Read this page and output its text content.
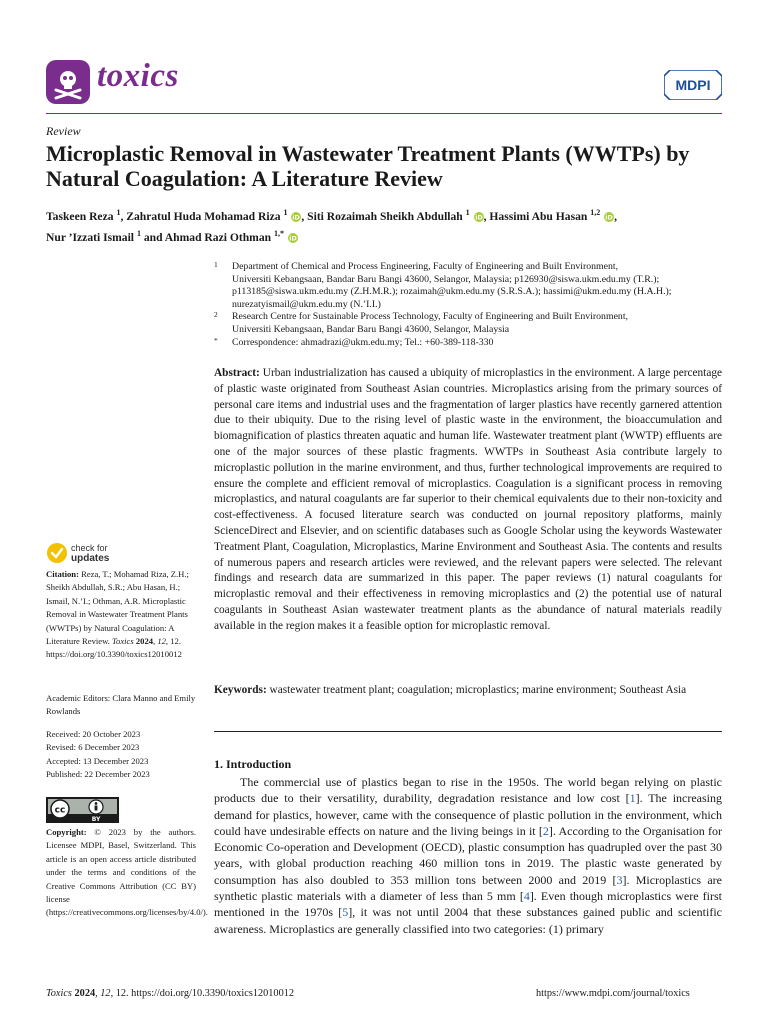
toxics	MDPI
Review
Microplastic Removal in Wastewater Treatment Plants (WWTPs) by Natural Coagulation: A Literature Review
Taskeen Reza $^1$, Zahratul Huda Mohamad Riza $^1$
iD , Siti Rozaimah Sheikh Abdullah $^1$
iD , Hassimi Abu Hasan $^{1,2}$
iD ,
Nur ’Izzati Ismail $^1$ and Ahmad Razi Othman $^{1,*}$
iD
1	Department of Chemical and Process Engineering, Faculty of Engineering and Built Environment,
Universiti Kebangsaan, Bandar Baru Bangi 43600, Selangor, Malaysia; p126930@siswa.ukm.edu.my (T.R.);
p113185@siswa.ukm.edu.my (Z.H.M.R.); rozaimah@ukm.edu.my (S.R.S.A.); hassimi@ukm.edu.my (H.A.H.);
nurezatyismail@ukm.edu.my (N.’I.I.)
2	Research Centre for Sustainable Process Technology, Faculty of Engineering and Built Environment,
Universiti Kebangsaan, Bandar Baru Bangi 43600, Selangor, Malaysia
*	Correspondence: ahmadrazi@ukm.edu.my; Tel.: +60-389-118-330
Abstract: Urban industrialization has caused a ubiquity of microplastics in the environment. A large percentage of plastic waste originated from Southeast Asian countries. Microplastics arising from the primary sources of personal care items and industrial uses and the fragmentation of larger plastics have recently garnered attention due to their ubiquity. Due to the rising level of plastic waste in the environment, the bioaccumulation and biomagnification of plastics threaten aquatic and human life. Wastewater treatment plant (WWTP) effluents are one of the major sources of these plastic fragments. WWTPs in Southeast Asia contribute largely to microplastic pollution in the marine environment, and thus, further technological improvements are required to ensure the complete and efficient removal of microplastics. Coagulation is a significant process in removing microplastics, and natural coagulants are far superior to their chemical equivalents due to their non-toxicity and cost-effectiveness. A focused literature search was conducted on journal repository platforms, mainly ScienceDirect and Elsevier, and on scientific databases such as Google Scholar using the keywords Wastewater Treatment Plant, Coagulation, Microplastics, Marine Environment and Southeast Asia. The contents and results of numerous papers and research articles were reviewed, and the relevant papers were selected. The relevant findings and research data are summarized in this paper. The paper reviews (1) natural coagulants for microplastic removal and their effectiveness in removing microplastics and (2) the potential use of natural coagulants in Southeast Asian wastewater treatment plants as the abundance of natural materials readily available in the region makes it a feasible option for microplastic removal.
Keywords: wastewater treatment plant; coagulation; microplastics; marine environment; Southeast Asia
1. Introduction
The commercial use of plastics began to rise in the 1950s. The world began relying on plastic products due to their versatility, durability, degradation resistance and low cost [1]. The increasing demand for plastics, however, came with the consequence of plastic pollution in the environment, which could have undesirable effects on nature and the living beings in it [2]. According to the Organisation for Economic Co-operation and Development (OECD), plastic consumption has quadrupled over the past 30 years, with global production reaching 460 million tons in 2019. The plastic waste generated by consumption has also doubled to 353 million tons between 2000 and 2019 [3]. Microplastics are synthetic plastic materials with a diameter of less than 5 mm [4]. Even though microplastics were first mentioned in the 1970s [5], it was not until 2004 that these substances gained public and scientific awareness. Microplastics are generally classified into two categories: (1) primary
check for
updates
Citation: Reza, T.; Mohamad Riza, Z.H.; Sheikh Abdullah, S.R.; Abu Hasan, H.; Ismail, N.’I.; Othman, A.R. Microplastic Removal in Wastewater Treatment Plants (WWTPs) by Natural Coagulation: A Literature Review. Toxics 2024, 12, 12. https://doi.org/10.3390/toxics12010012
Academic Editors: Clara Manno and Emily Rowlands
Received: 20 October 2023
Revised: 6 December 2023
Accepted: 13 December 2023
Published: 22 December 2023
cc
BY
Copyright: © 2023 by the authors. Licensee MDPI, Basel, Switzerland. This article is an open access article distributed under the terms and conditions of the Creative Commons Attribution (CC BY) license (https://creativecommons.org/licenses/by/4.0/).
Toxics 2024, 12, 12. https://doi.org/10.3390/toxics12010012	https://www.mdpi.com/journal/toxics
